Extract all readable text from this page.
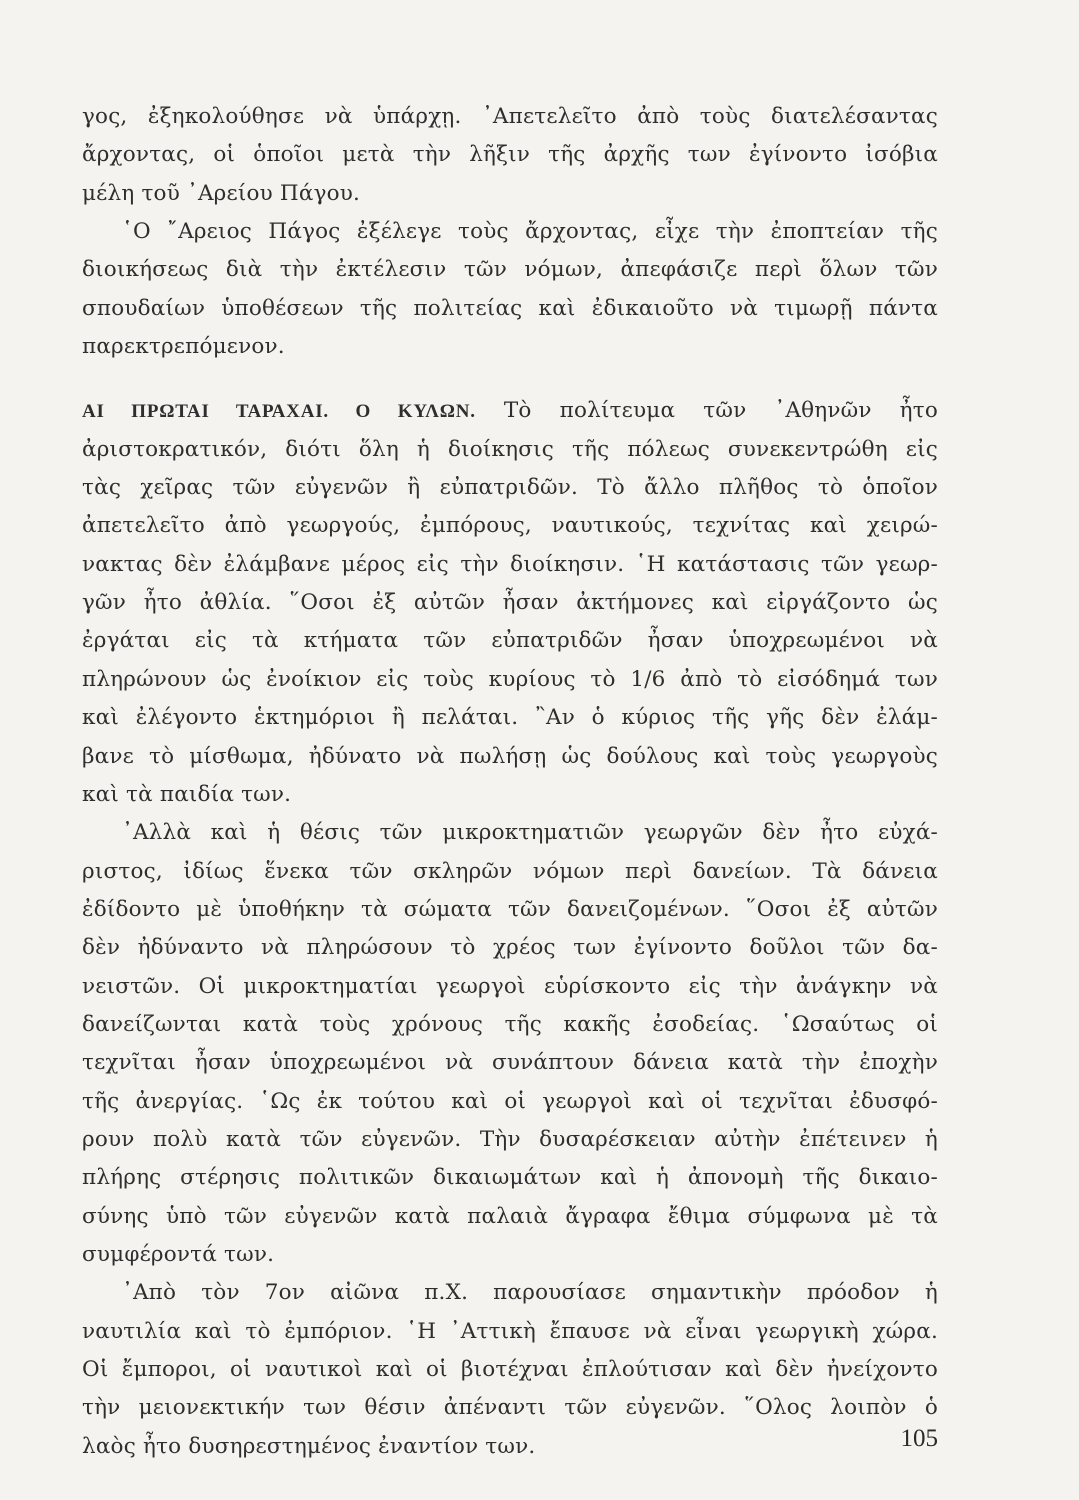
γος, ἐξηκολούθησε νὰ ὑπάρχῃ. ᾿Απετελεῖτο ἀπὸ τοὺς διατελέσαντας
ἄρχοντας, οἱ ὁποῖοι μετὰ τὴν λῆξιν τῆς ἀρχῆς των ἐγίνοντο ἰσόβια
μέλη τοῦ ᾿Αρείου Πάγου.
῾Ο ῎Αρειος Πάγος ἐξέλεγε τοὺς ἄρχοντας, εἶχε τὴν ἐποπτείαν τῆς
διοικήσεως διὰ τὴν ἐκτέλεσιν τῶν νόμων, ἀπεφάσιζε περὶ ὅλων τῶν
σπουδαίων ὑποθέσεων τῆς πολιτείας καὶ ἐδικαιοῦτο νὰ τιμωρῇ πάντα
παρεκτρεπόμενον.
ΑΙ ΠΡΩΤΑΙ ΤΑΡΑΧΑΙ. Ο ΚΥΛΩΝ. Τὸ πολίτευμα τῶν ᾿Αθηνῶν ἦτο
ἀριστοκρατικόν, διότι ὅλη ἡ διοίκησις τῆς πόλεως συνεκεντρώθη εἰς
τὰς χεῖρας τῶν εὐγενῶν ἢ εὐπατριδῶν. Τὸ ἄλλο πλῆθος τὸ ὁποῖον
ἀπετελεῖτο ἀπὸ γεωργούς, ἐμπόρους, ναυτικούς, τεχνίτας καὶ χειρώ-
νακτας δὲν ἐλάμβανε μέρος εἰς τὴν διοίκησιν. ῾Η κατάστασις τῶν γεωρ-
γῶν ἦτο ἀθλία. ῞Οσοι ἐξ αὐτῶν ἦσαν ἀκτήμονες καὶ εἰργάζοντο ὡς
ἐργάται εἰς τὰ κτήματα τῶν εὐπατριδῶν ἦσαν ὑποχρεωμένοι νὰ
πληρώνουν ὡς ἐνοίκιον εἰς τοὺς κυρίους τὸ 1/6 ἀπὸ τὸ εἰσόδημά των
καὶ ἐλέγοντο ἑκτημόριοι ἢ πελάται. ῍Αν ὁ κύριος τῆς γῆς δὲν ἐλάμ-
βανε τὸ μίσθωμα, ἠδύνατο νὰ πωλήσῃ ὡς δούλους καὶ τοὺς γεωργοὺς
καὶ τὰ παιδία των.
᾿Αλλὰ καὶ ἡ θέσις τῶν μικροκτηματιῶν γεωργῶν δὲν ἦτο εὐχά-
ριστος, ἰδίως ἕνεκα τῶν σκληρῶν νόμων περὶ δανείων. Τὰ δάνεια
ἐδίδοντο μὲ ὑποθήκην τὰ σώματα τῶν δανειζομένων. ῞Οσοι ἐξ αὐτῶν
δὲν ἠδύναντο νὰ πληρώσουν τὸ χρέος των ἐγίνοντο δοῦλοι τῶν δα-
νειστῶν. Οἱ μικροκτηματίαι γεωργοὶ εὑρίσκοντο εἰς τὴν ἀνάγκην νὰ
δανείζωνται κατὰ τοὺς χρόνους τῆς κακῆς ἐσοδείας. ῾Ωσαύτως οἱ
τεχνῖται ἦσαν ὑποχρεωμένοι νὰ συνάπτουν δάνεια κατὰ τὴν ἐποχὴν
τῆς ἀνεργίας. ῾Ως ἐκ τούτου καὶ οἱ γεωργοὶ καὶ οἱ τεχνῖται ἐδυσφό-
ρουν πολὺ κατὰ τῶν εὐγενῶν. Τὴν δυσαρέσκειαν αὐτὴν ἐπέτεινεν ἡ
πλήρης στέρησις πολιτικῶν δικαιωμάτων καὶ ἡ ἀπονομὴ τῆς δικαιο-
σύνης ὑπὸ τῶν εὐγενῶν κατὰ παλαιὰ ἄγραφα ἔθιμα σύμφωνα μὲ τὰ
συμφέροντά των.
᾿Απὸ τὸν 7ον αἰῶνα π.Χ. παρουσίασε σημαντικὴν πρόοδον ἡ
ναυτιλία καὶ τὸ ἐμπόριον. ῾Η ᾿Αττικὴ ἔπαυσε νὰ εἶναι γεωργικὴ χώρα.
Οἱ ἔμποροι, οἱ ναυτικοὶ καὶ οἱ βιοτέχναι ἐπλούτισαν καὶ δὲν ἠνείχοντο
τὴν μειονεκτικήν των θέσιν ἀπέναντι τῶν εὐγενῶν. ῞Ολος λοιπὸν ὁ
λαὸς ἦτο δυσηρεστημένος ἐναντίον των.	105
